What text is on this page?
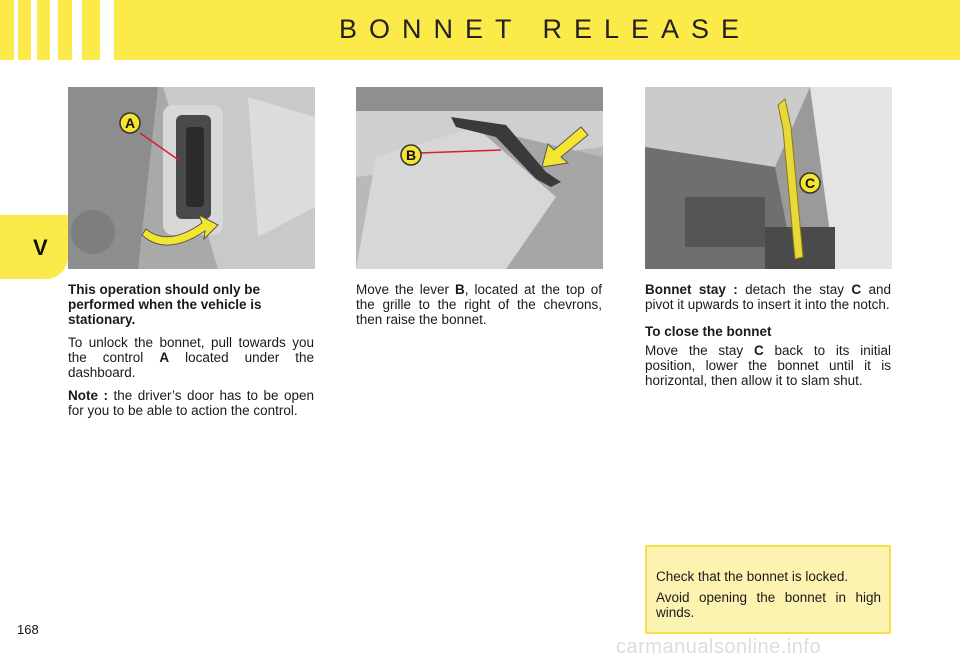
BONNET RELEASE
V
A
B
C

This operation should only be performed when the vehicle is stationary.

To unlock the bonnet, pull towards you the control A located under the dashboard.

Note : the driver’s door has to be open for you to be able to action the control.

Move the lever B, located at the top of the grille to the right of the chevrons, then raise the bonnet.

Bonnet stay : detach the stay C and pivot it upwards to insert it into the notch.

To close the bonnet

Move the stay C back to its initial position, lower the bonnet until it is horizontal, then allow it to slam shut.

Check that the bonnet is locked.

Avoid opening the bonnet in high winds.

168
carmanualsonline.info
